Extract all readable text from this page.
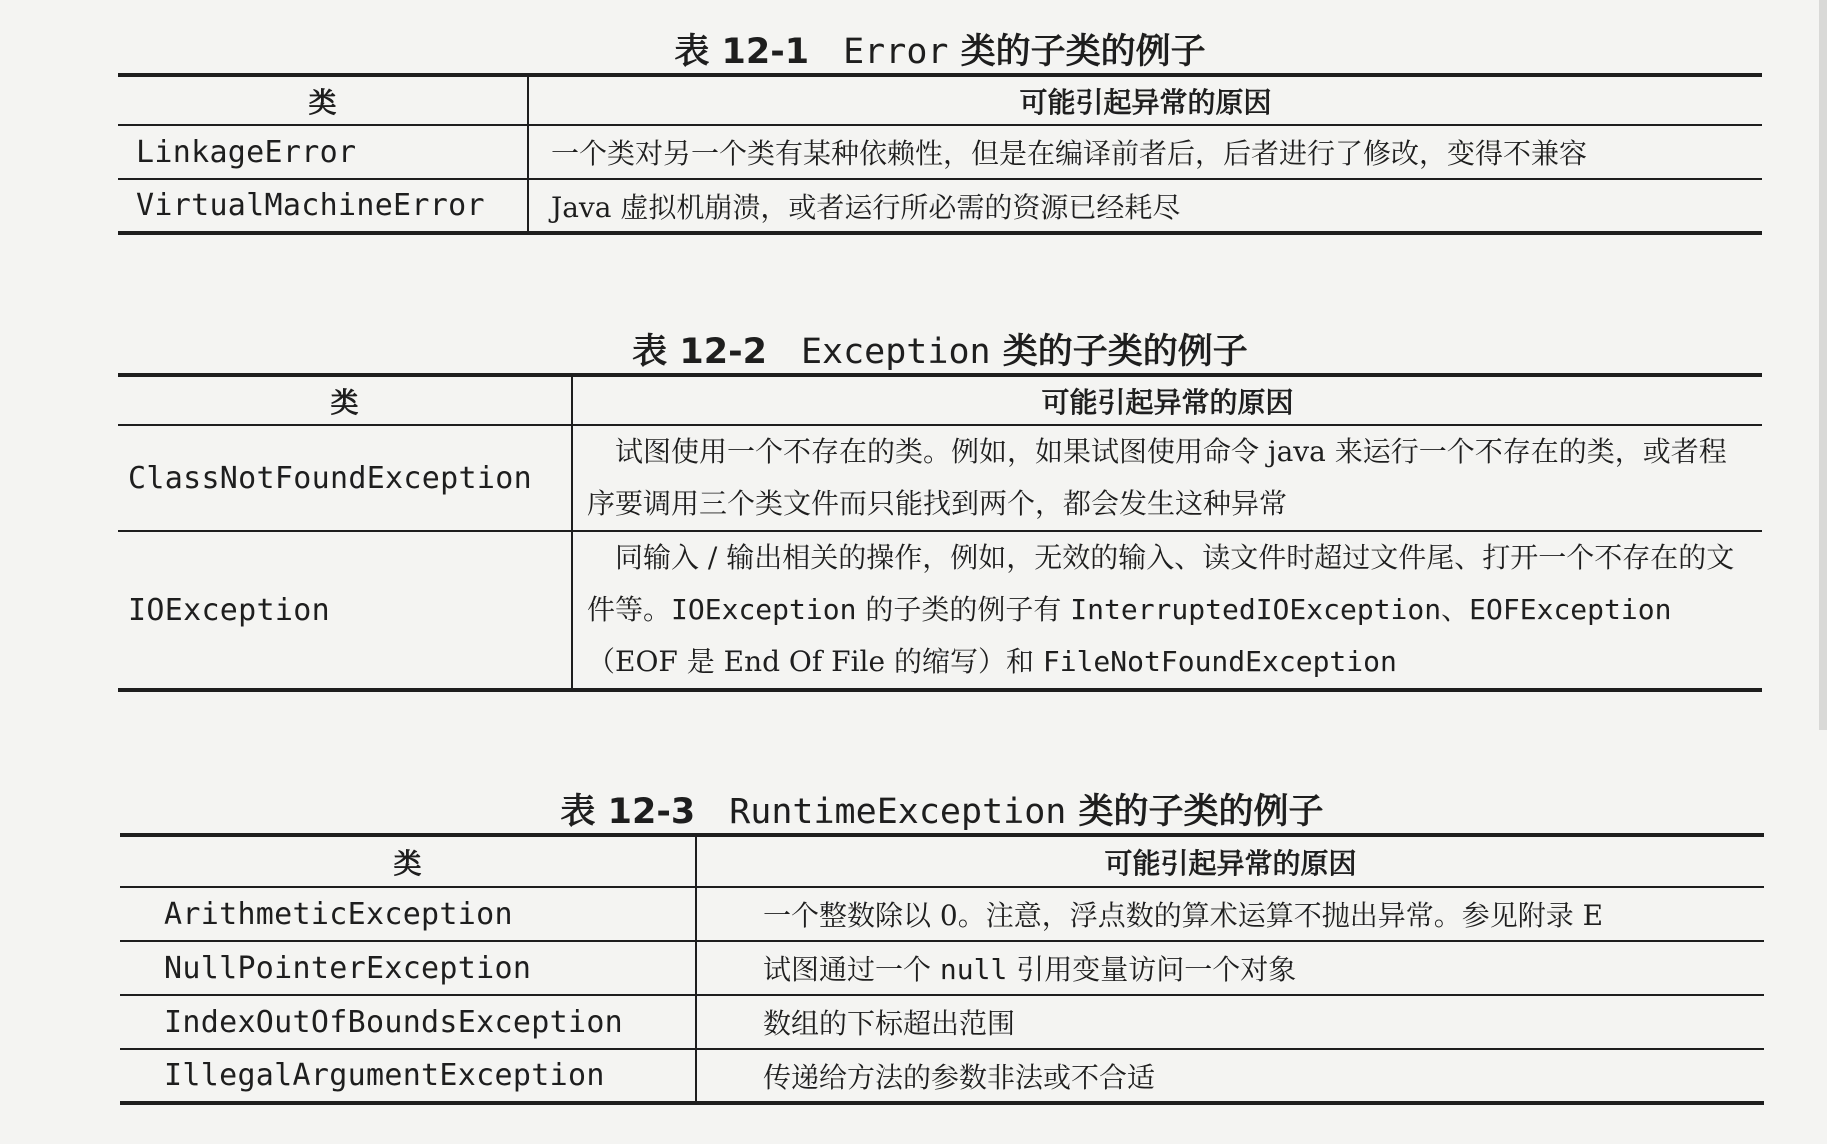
表 12-1 Error 类的子类的例子
类	可能引起异常的原因
LinkageError	一个类对另一个类有某种依赖性，但是在编译前者后，后者进行了修改，变得不兼容
VirtualMachineError	Java 虚拟机崩溃，或者运行所必需的资源已经耗尽
表 12-2 Exception 类的子类的例子
类	可能引起异常的原因
ClassNotFoundException	试图使用一个不存在的类。例如，如果试图使用命令 java 来运行一个不存在的类，或者程序要调用三个类文件而只能找到两个，都会发生这种异常
IOException	同输入 / 输出相关的操作，例如，无效的输入、读文件时超过文件尾、打开一个不存在的文件等。IOException 的子类的例子有 InterruptedIOException、EOFException（EOF 是 End Of File 的缩写）和 FileNotFoundException
表 12-3 RuntimeException 类的子类的例子
类	可能引起异常的原因
ArithmeticException	一个整数除以 0。注意，浮点数的算术运算不抛出异常。参见附录 E
NullPointerException	试图通过一个 null 引用变量访问一个对象
IndexOutOfBoundsException	数组的下标超出范围
IllegalArgumentException	传递给方法的参数非法或不合适
